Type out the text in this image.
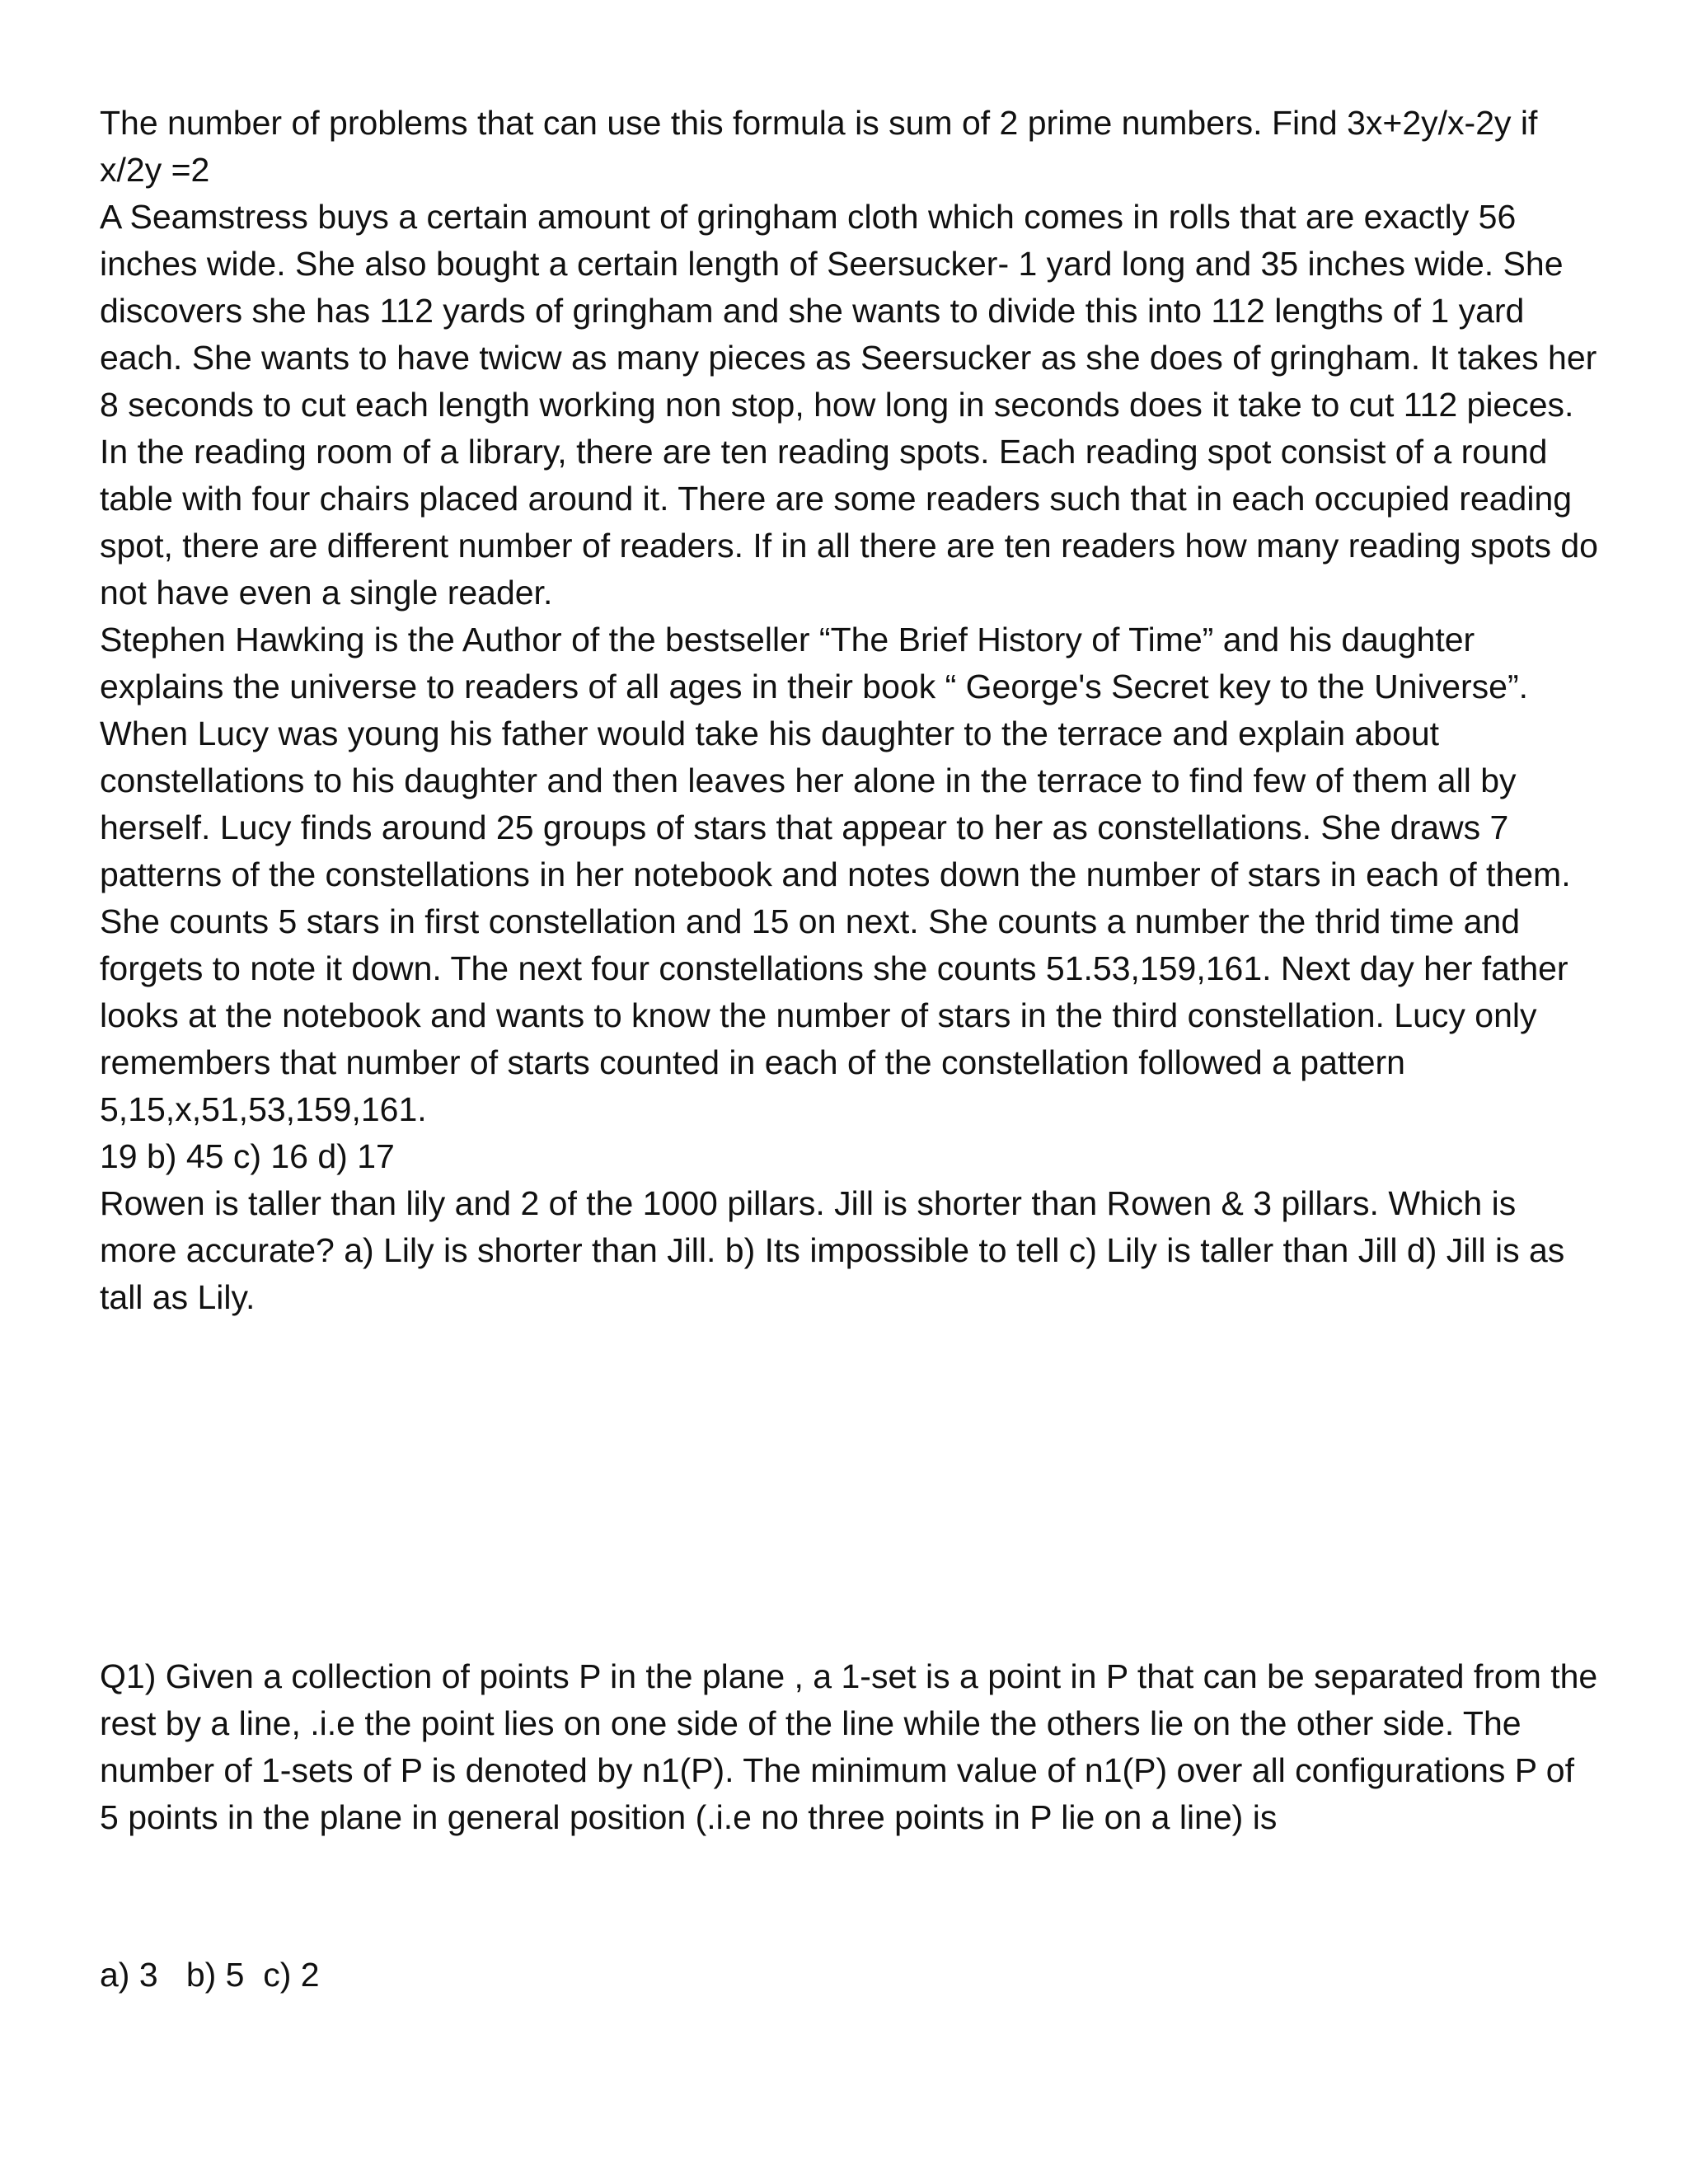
The number of problems that can use this formula is sum of 2 prime numbers. Find 3x+2y/x-2y if x/2y =2

A Seamstress buys a certain amount of gringham cloth which comes in rolls that are exactly 56 inches wide. She also bought a certain length of Seersucker- 1 yard long and 35 inches wide. She discovers she has 112 yards of gringham and she wants to divide this into 112 lengths of 1 yard each. She wants to have twicw as many pieces as Seersucker as she does of gringham. It takes her 8 seconds to cut each length working non stop, how long in seconds does it take to cut 112 pieces.

In the reading room of a library, there are ten reading spots. Each reading spot consist of a round table with four chairs placed around it. There are some readers such that in each occupied reading spot, there are different number of readers. If in all there are ten readers how many reading spots do not have even a single reader.

Stephen Hawking is the Author of the bestseller “The Brief History of Time” and his daughter explains the universe to readers of all ages in their book “ George's Secret key to the Universe”.

When Lucy was young his father would take his daughter to the terrace and explain about constellations to his daughter and then leaves her alone in the terrace to find few of them all by herself. Lucy finds around 25 groups of stars that appear to her as constellations. She draws 7 patterns of the constellations in her notebook and notes down the number of stars in each of them. She counts 5 stars in first constellation and 15 on next. She counts a number the thrid time and forgets to note it down. The next four constellations she counts 51.53,159,161. Next day her father looks at the notebook and wants to know the number of stars in the third constellation. Lucy only remembers that number of starts counted in each of the constellation followed a pattern 5,15,x,51,53,159,161.

19 b) 45 c) 16 d) 17

Rowen is taller than lily and 2 of the 1000 pillars. Jill is shorter than Rowen & 3 pillars. Which is more accurate? a) Lily is shorter than Jill. b) Its impossible to tell c) Lily is taller than Jill d) Jill is as tall as Lily.

Q1) Given a collection of points P in the plane , a 1-set is a point in P that can be separated from the rest by a line, .i.e the point lies on one side of the line while the others lie on the other side. The number of 1-sets of P is denoted by n1(P). The minimum value of n1(P) over all configurations P of 5 points in the plane in general position (.i.e no three points in P lie on a line) is

a) 3   b) 5  c) 2
